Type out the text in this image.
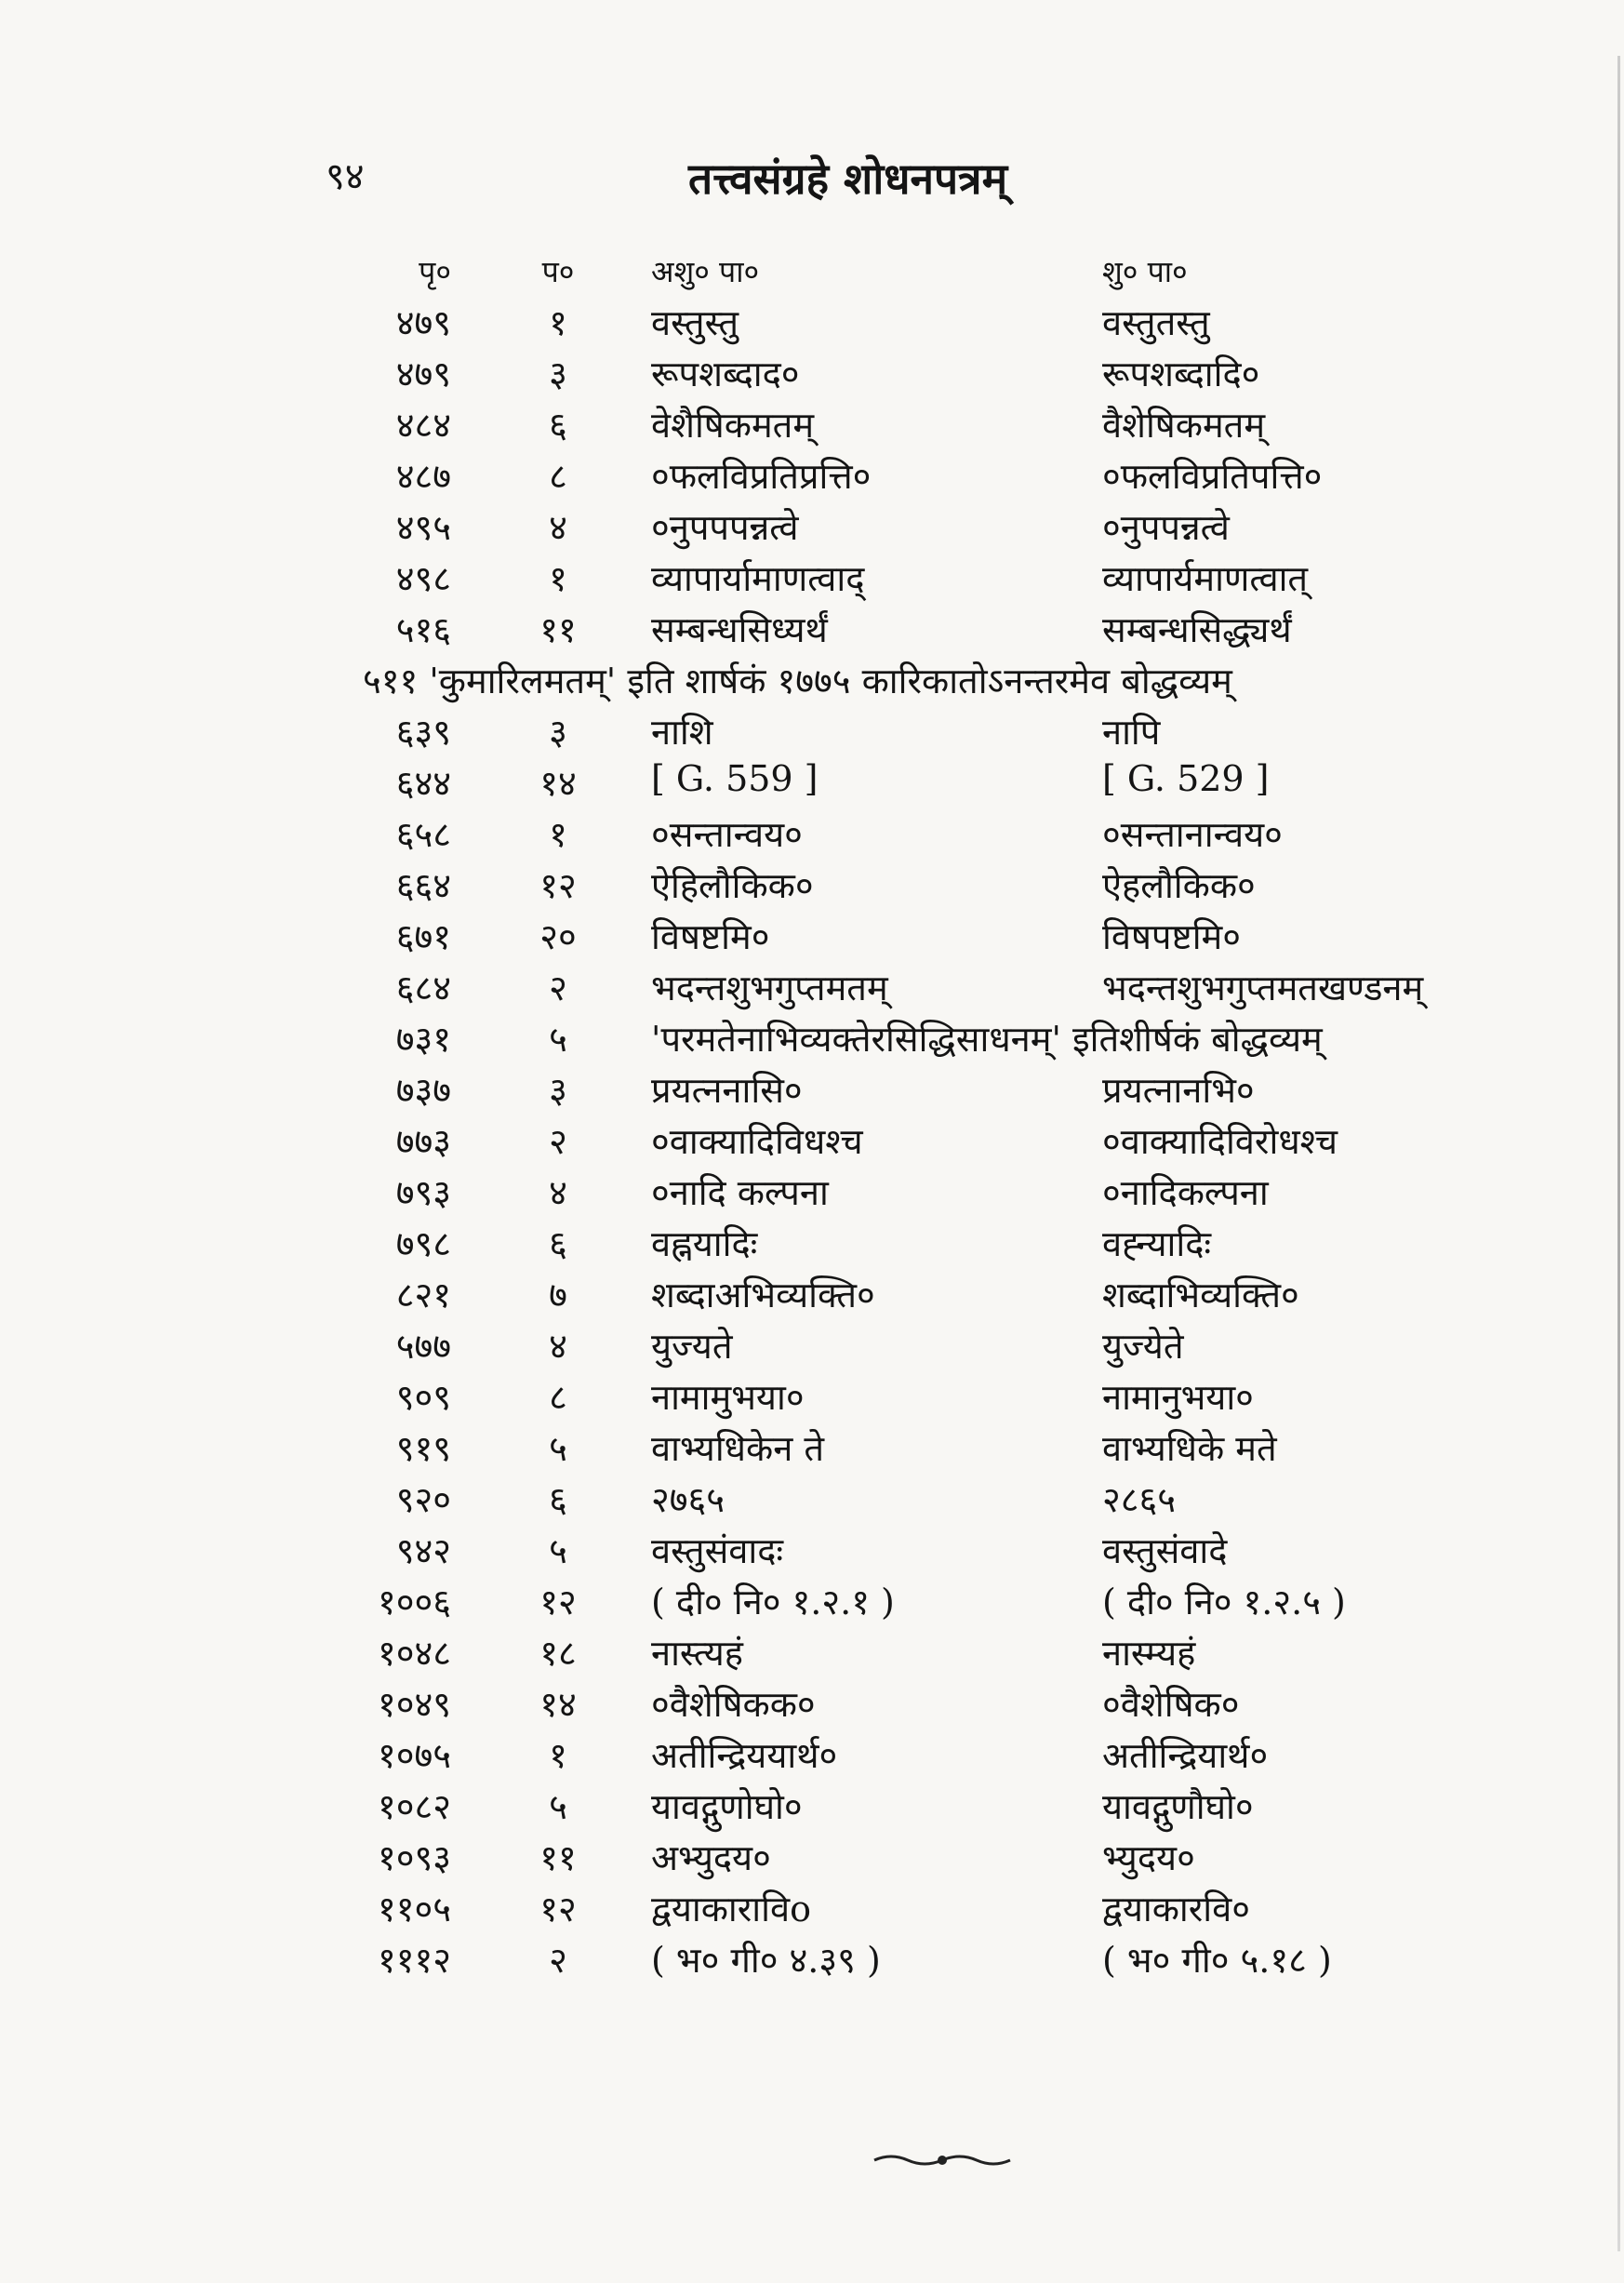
९४	तत्त्वसंग्रहे शोधनपत्रम्
पृ०	प०	अशु० पा०	शु० पा०
४७९	१	वस्तुस्तु	वस्तुतस्तु
४७९	३	रूपशब्दाद०	रूपशब्दादि०
४८४	६	वेशैषिकमतम्	वैशेषिकमतम्
४८७	८	०फलविप्रतिप्रत्ति०	०फलविप्रतिपत्ति०
४९५	४	०नुपपपन्नत्वे	०नुपपन्नत्वे
४९८	१	व्यापार्यामाणत्वाद्	व्यापार्यमाणत्वात्
५१६	११	सम्बन्धसिध्यर्थं	सम्बन्धसिद्ध्यर्थं
५११ 'कुमारिलमतम्' इति शार्षकं १७७५ कारिकातोऽनन्तरमेव बोद्धव्यम्
६३९	३	नाशि	नापि
६४४	१४	[ G. 559 ]	[ G. 529 ]
६५८	१	०सन्तान्वय०	०सन्तानान्वय०
६६४	१२	ऐहिलौकिक०	ऐहलौकिक०
६७१	२०	विषष्टमि०	विषपष्टमि०
६८४	२	भदन्तशुभगुप्तमतम्	भदन्तशुभगुप्तमतखण्डनम्
७३१	५	'परमतेनाभिव्यक्तेरसिद्धिसाधनम्' इतिशीर्षकं बोद्धव्यम्
७३७	३	प्रयत्ननासि०	प्रयत्नानभि०
७७३	२	०वाक्यादिविधश्च	०वाक्यादिविरोधश्च
७९३	४	०नादि कल्पना	०नादिकल्पना
७९८	६	वह्नयादिः	वह्न्यादिः
८२१	७	शब्दाअभिव्यक्ति०	शब्दाभिव्यक्ति०
५७७	४	युज्यते	युज्येते
९०९	८	नामामुभया०	नामानुभया०
९१९	५	वाभ्यधिकेन ते	वाभ्यधिके मते
९२०	६	२७६५	२८६५
९४२	५	वस्तुसंवादः	वस्तुसंवादे
१००६	१२	( दी० नि० १.२.१ )	( दी० नि० १.२.५ )
१०४८	१८	नास्त्यहं	नास्म्यहं
१०४९	१४	०वैशेषिकक०	०वैशेषिक०
१०७५	१	अतीन्द्रिययार्थ०	अतीन्द्रियार्थ०
१०८२	५	यावद्गुणोघो०	यावद्गुणौघो०
१०९३	११	अभ्युदय०	भ्युदय०
११०५	१२	द्वयाकाराविo	द्वयाकारवि०
१११२	२	( भ० गी० ४.३९ )	( भ० गी० ५.१८ )
